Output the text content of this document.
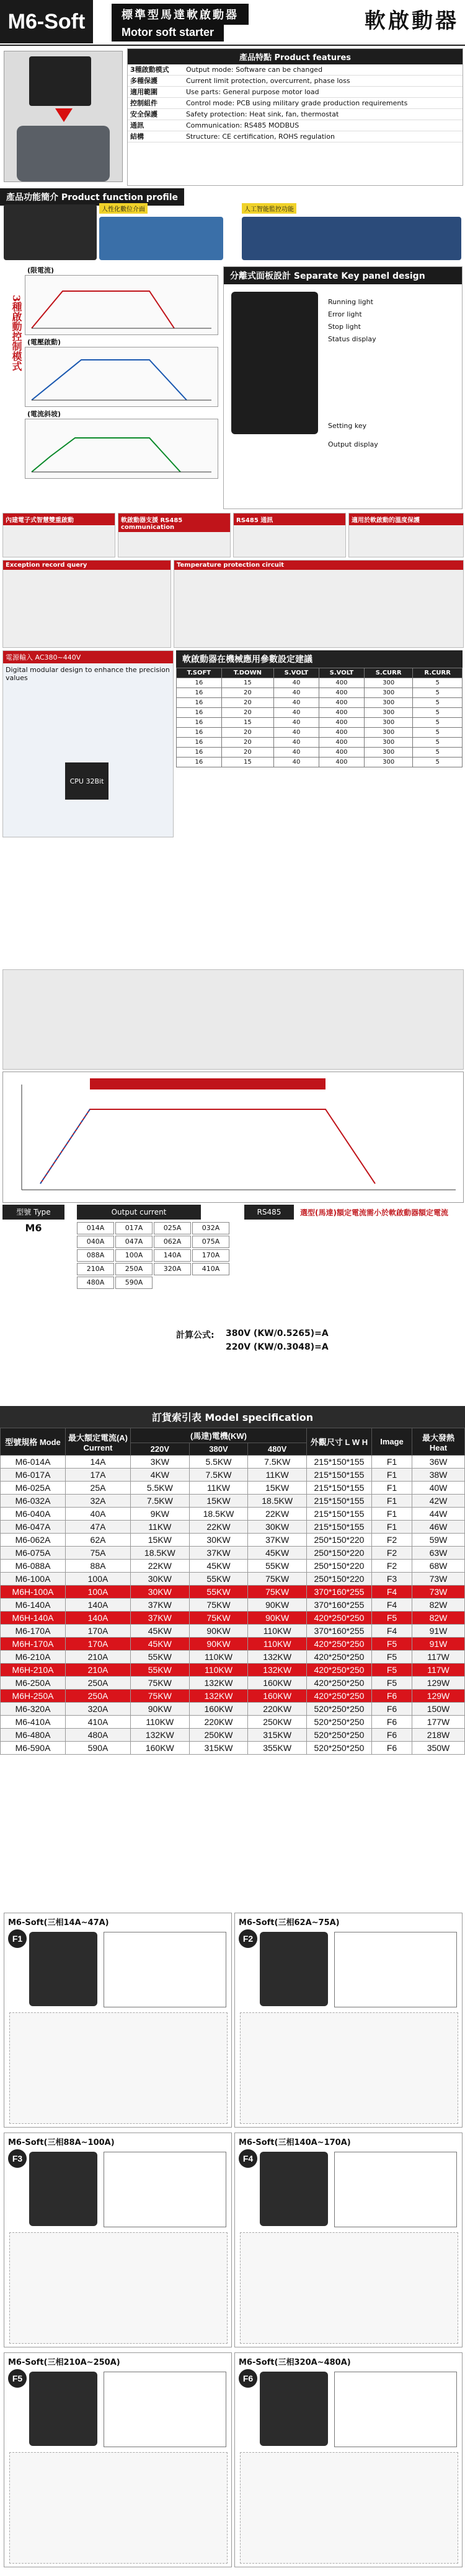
M6-Soft	標準型馬達軟啟動器
Motor soft starter	軟啟動器
產品特點 Product features
3種啟動模式	Output mode: Software can be changed
多種保護	Current limit protection, overcurrent, phase loss
適用範圍	Use parts: General purpose motor load
控制組件	Control mode: PCB using military grade production requirements
安全保護	Safety protection: Heat sink, fan, thermostat
通訊	Communication: RS485 MODBUS
結構	Structure: CE certification, ROHS regulation
產品功能簡介 Product function profile
人性化數位介面	人工智能監控功能
3種啟動控制模式
(限電流)
(電壓啟動)
(電流斜坡)
分離式面板設計 Separate Key panel design
Running light
Error light
Stop light
Status display
Setting key
Output display
內建電子式智慧雙重啟動	軟啟動器支援 RS485 communication
RS485 通訊	適用於軟啟動的溫度保護
Exception record query	Temperature protection circuit
電源輸入 AC380~440V
Digital modular design to enhance the precision values
CPU 32Bit
軟啟動器在機械應用參數設定建議
T.SOFT	T.DOWN	S.VOLT	S.VOLT	S.CURR	R.CURR
16	15	40	400	300	5
16	20	40	400	300	5
16	20	40	400	300	5
16	20	40	400	300	5
16	15	40	400	300	5
16	20	40	400	300	5
16	20	40	400	300	5
16	20	40	400	300	5
16	15	40	400	300	5
型號 Type
M6
Output current
014A	017A	025A	032A
040A	047A	062A	075A
088A	100A	140A	170A
210A	250A	320A	410A
480A	590A
RS485	選型(馬達)額定電流需小於軟啟動器額定電流
計算公式: 380V (KW/0.5265)=A
220V (KW/0.3048)=A
訂貨索引表 Model specification
型號規格 Mode	最大額定電流(A) Current	(馬達)電機(KW)			外觀尺寸 L W H	Image	最大發熱 Heat
		220V	380V	480V			
M6-014A	14A	3KW	5.5KW	7.5KW	215*150*155	F1	36W
M6-017A	17A	4KW	7.5KW	11KW	215*150*155	F1	38W
M6-025A	25A	5.5KW	11KW	15KW	215*150*155	F1	40W
M6-032A	32A	7.5KW	15KW	18.5KW	215*150*155	F1	42W
M6-040A	40A	9KW	18.5KW	22KW	215*150*155	F1	44W
M6-047A	47A	11KW	22KW	30KW	215*150*155	F1	46W
M6-062A	62A	15KW	30KW	37KW	250*150*220	F2	59W
M6-075A	75A	18.5KW	37KW	45KW	250*150*220	F2	63W
M6-088A	88A	22KW	45KW	55KW	250*150*220	F2	68W
M6-100A	100A	30KW	55KW	75KW	250*150*220	F3	73W
M6H-100A	100A	30KW	55KW	75KW	370*160*255	F4	73W
M6-140A	140A	37KW	75KW	90KW	370*160*255	F4	82W
M6H-140A	140A	37KW	75KW	90KW	420*250*250	F5	82W
M6-170A	170A	45KW	90KW	110KW	370*160*255	F4	91W
M6H-170A	170A	45KW	90KW	110KW	420*250*250	F5	91W
M6-210A	210A	55KW	110KW	132KW	420*250*250	F5	117W
M6H-210A	210A	55KW	110KW	132KW	420*250*250	F5	117W
M6-250A	250A	75KW	132KW	160KW	420*250*250	F5	129W
M6H-250A	250A	75KW	132KW	160KW	420*250*250	F6	129W
M6-320A	320A	90KW	160KW	220KW	520*250*250	F6	150W
M6-410A	410A	110KW	220KW	250KW	520*250*250	F6	177W
M6-480A	480A	132KW	250KW	315KW	520*250*250	F6	218W
M6-590A	590A	160KW	315KW	355KW	520*250*250	F6	350W
M6-Soft(三相14A~47A)
F1
M6-Soft(三相62A~75A)
F2
M6-Soft(三相88A~100A)
F3
M6-Soft(三相140A~170A)
F4
M6-Soft(三相210A~250A)
F5
M6-Soft(三相320A~480A)
F6
